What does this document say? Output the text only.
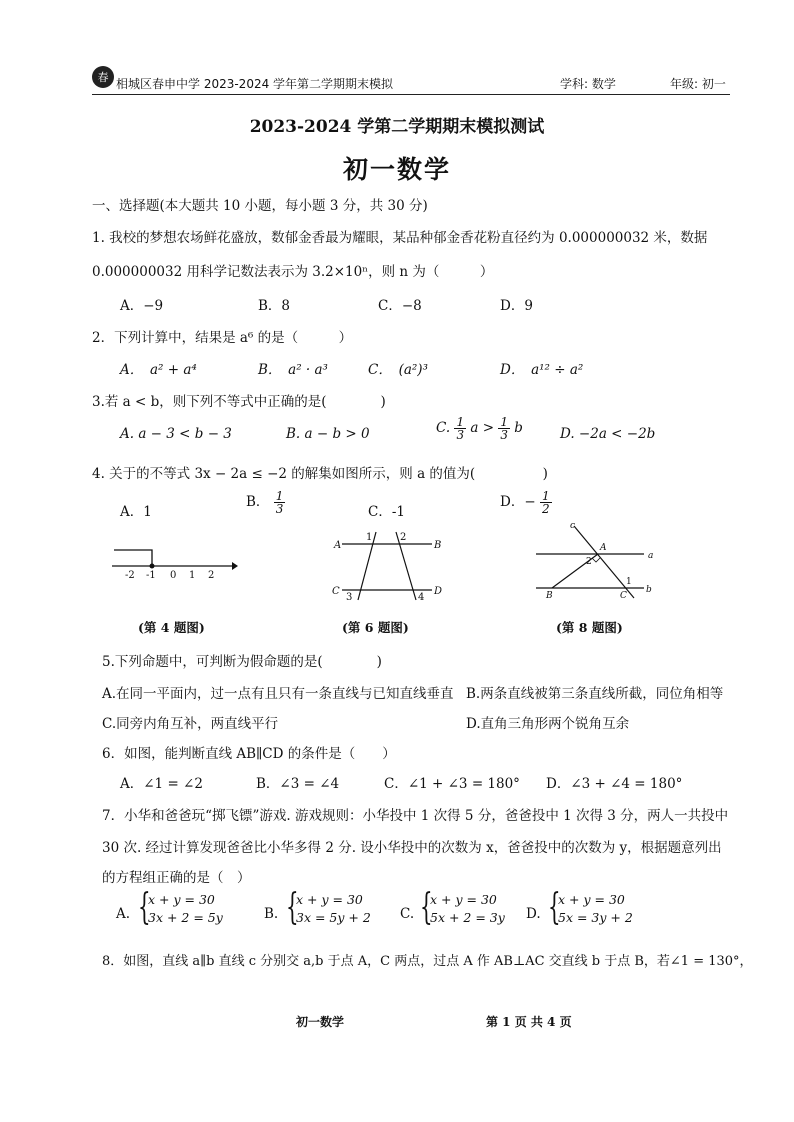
春 相城区春申中学 2023-2024 学年第二学期期末模拟	学科: 数学	年级: 初一
2023-2024 学第二学期期末模拟测试
初一数学
一、选择题(本大题共 10 小题，每小题 3 分，共 30 分)
1. 我校的梦想农场鲜花盛放，数郁金香最为耀眼，某品种郁金香花粉直径约为 0.000000032 米，数据
0.000000032 用科学记数法表示为 3.2×10ⁿ，则 n 为（　　　）
A．−9	B．8	C．−8	D．9
2．下列计算中，结果是 a⁶ 的是（　　　）
A．　a² + a⁴	B．　a² · a³	C．　(a²)³	D．　a¹² ÷ a²
3.若 a < b，则下列不等式中正确的是(　　　　)
A. a − 3 < b − 3	B. a − b > 0	C. $\frac{1}{3}$ $a > \frac{1}{3}$ b	D. −2a < −2b
4. 关于的不等式 3x − 2a ≤ −2 的解集如图所示，则 a 的值为(　　　　　)
A．1
B． $\frac{1}{3}$	C．-1
D．− $\frac{1}{2}$
-2 -1 0 1 2
A	B
C	D
1	2
3	4
c
A
a
B	C
b
1
2
(第 4 题图)	(第 6 题图)	(第 8 题图)
5.下列命题中，可判断为假命题的是(　　　　)
A.在同一平面内，过一点有且只有一条直线与已知直线垂直 B.两条直线被第三条直线所截，同位角相等
C.同旁内角互补，两直线平行	D.直角三角形两个锐角互余
6．如图，能判断直线 AB∥CD 的条件是（　　）
A．∠1 = ∠2	B．∠3 = ∠4	C．∠1 + ∠3 = 180° D．∠3 + ∠4 = 180°
7．小华和爸爸玩“掷飞镖”游戏. 游戏规则：小华投中 1 次得 5 分，爸爸投中 1 次得 3 分，两人一共投中
30 次. 经过计算发现爸爸比小华多得 2 分. 设小华投中的次数为 x，爸爸投中的次数为 y，根据题意列出
的方程组正确的是（　）
A. {
x + y = 30
3x + 2 = 5y	B. {
x + y = 30
3x = 5y + 2 C. {
x + y = 30
5x + 2 = 3y D. {
x + y = 30
5x = 3y + 2
8．如图，直线 a∥b 直线 c 分别交 a,b 于点 A，C 两点，过点 A 作 AB⊥AC 交直线 b 于点 B，若∠1 = 130°，
初一数学	第 1 页 共 4 页
